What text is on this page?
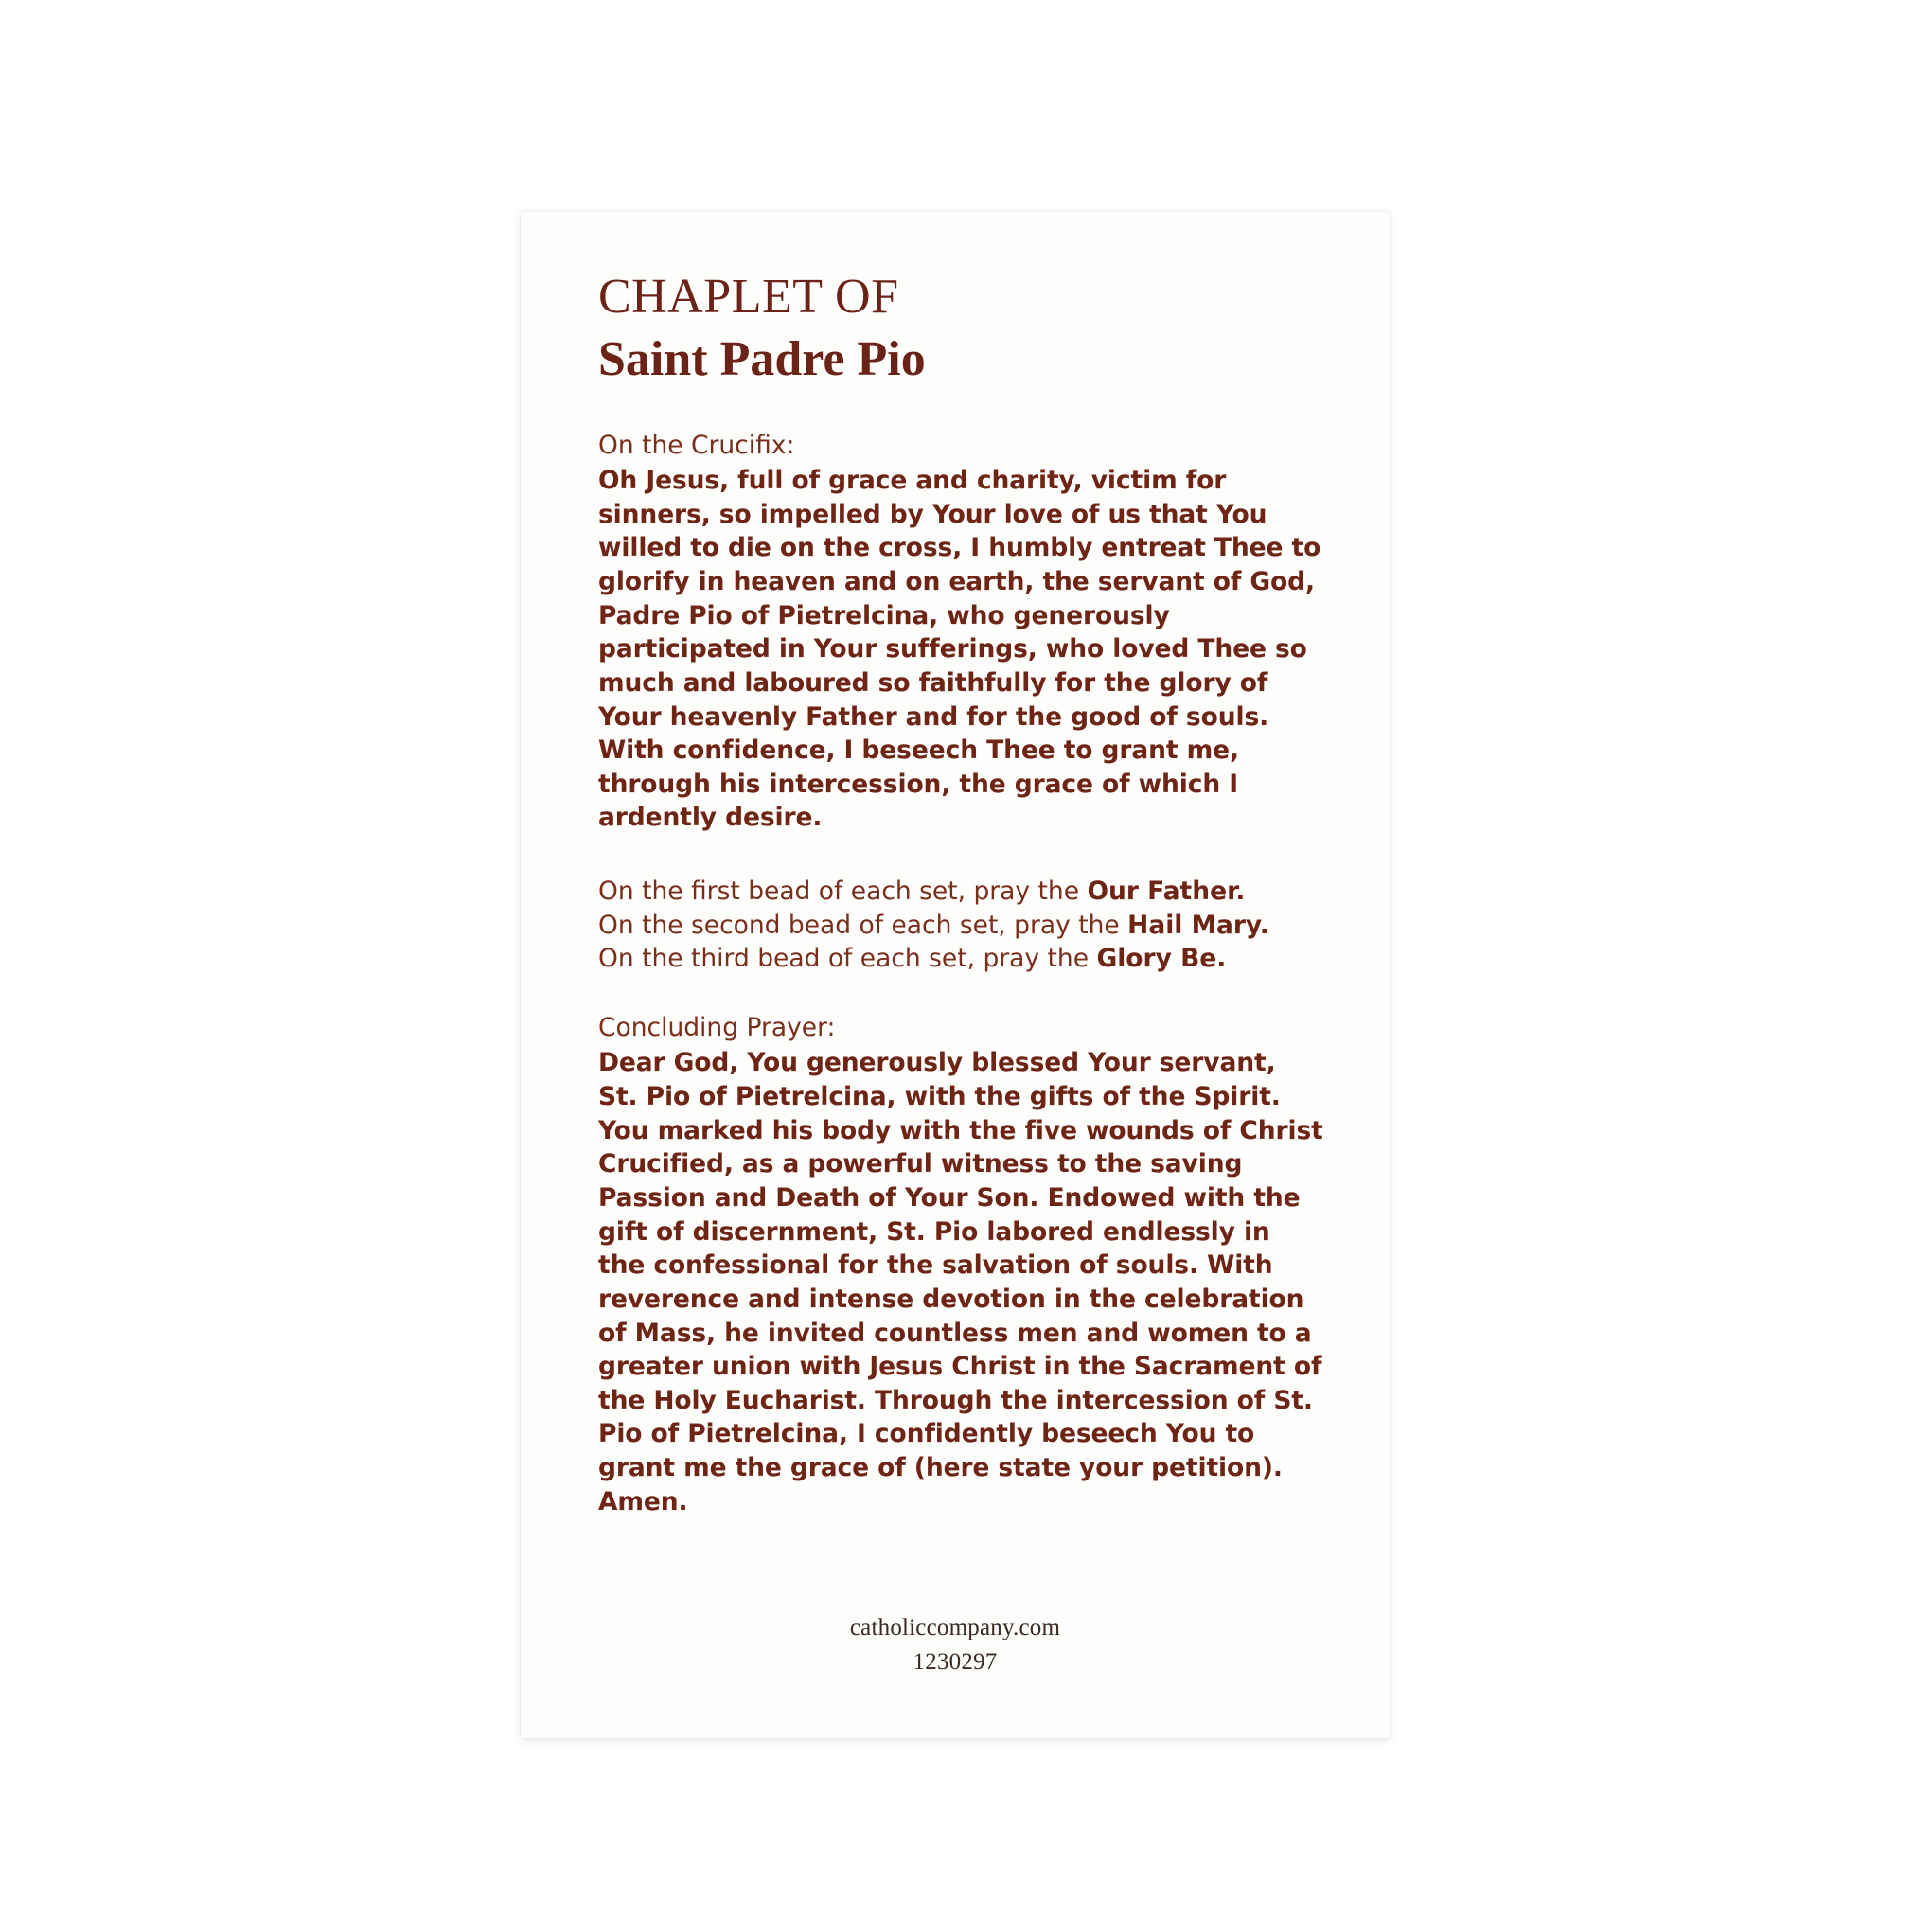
CHAPLET OF
Saint Padre Pio

On the Crucifix:

Oh Jesus, full of grace and charity, victim for sinners, so impelled by Your love of us that You willed to die on the cross, I humbly entreat Thee to glorify in heaven and on earth, the servant of God, Padre Pio of Pietrelcina, who generously participated in Your sufferings, who loved Thee so much and laboured so faithfully for the glory of Your heavenly Father and for the good of souls. With confidence, I beseech Thee to grant me, through his intercession, the grace of which I ardently desire.

On the first bead of each set, pray the Our Father.

On the second bead of each set, pray the Hail Mary.

On the third bead of each set, pray the Glory Be.

Concluding Prayer:

Dear God, You generously blessed Your servant, St. Pio of Pietrelcina, with the gifts of the Spirit. You marked his body with the five wounds of Christ Crucified, as a powerful witness to the saving Passion and Death of Your Son. Endowed with the gift of discernment, St. Pio labored endlessly in the confessional for the salvation of souls. With reverence and intense devotion in the celebration of Mass, he invited countless men and women to a greater union with Jesus Christ in the Sacrament of the Holy Eucharist. Through the intercession of St. Pio of Pietrelcina, I confidently beseech You to grant me the grace of (here state your petition). Amen.

catholiccompany.com

1230297
